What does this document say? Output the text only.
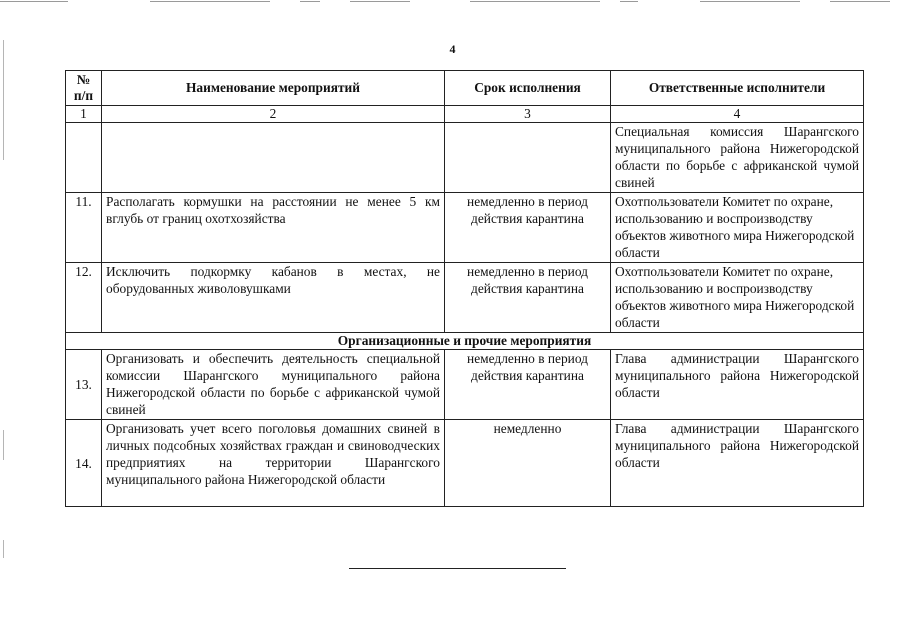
4
№ п/п	Наименование мероприятий	Срок исполнения	Ответственные исполнители
1	2	3	4
			Специальная комиссия Шарангского муниципального района Нижегородской области по борьбе с африканской чумой свиней
11.	Располагать кормушки на расстоянии не менее 5 км вглубь от границ охотхозяйства	немедленно в период действия карантина	Охотпользователи Комитет по охране, использованию и воспроизводству объектов животного мира Нижегородской области
12.	Исключить подкормку кабанов в местах, не оборудованных живоловушками	немедленно в период действия карантина	Охотпользователи Комитет по охране, использованию и воспроизводству объектов животного мира Нижегородской области
Организационные и прочие мероприятия			
13.	Организовать и обеспечить деятельность специальной комиссии Шарангского муниципального района Нижегородской области по борьбе с африканской чумой свиней	немедленно в период действия карантина	Глава администрации Шарангского муниципального района Нижегородской области
14.	Организовать учет всего поголовья домашних свиней в личных подсобных хозяйствах граждан и свиноводческих предприятиях на территории Шарангского муниципального района Нижегородской области	немедленно	Глава администрации Шарангского муниципального района Нижегородской области
